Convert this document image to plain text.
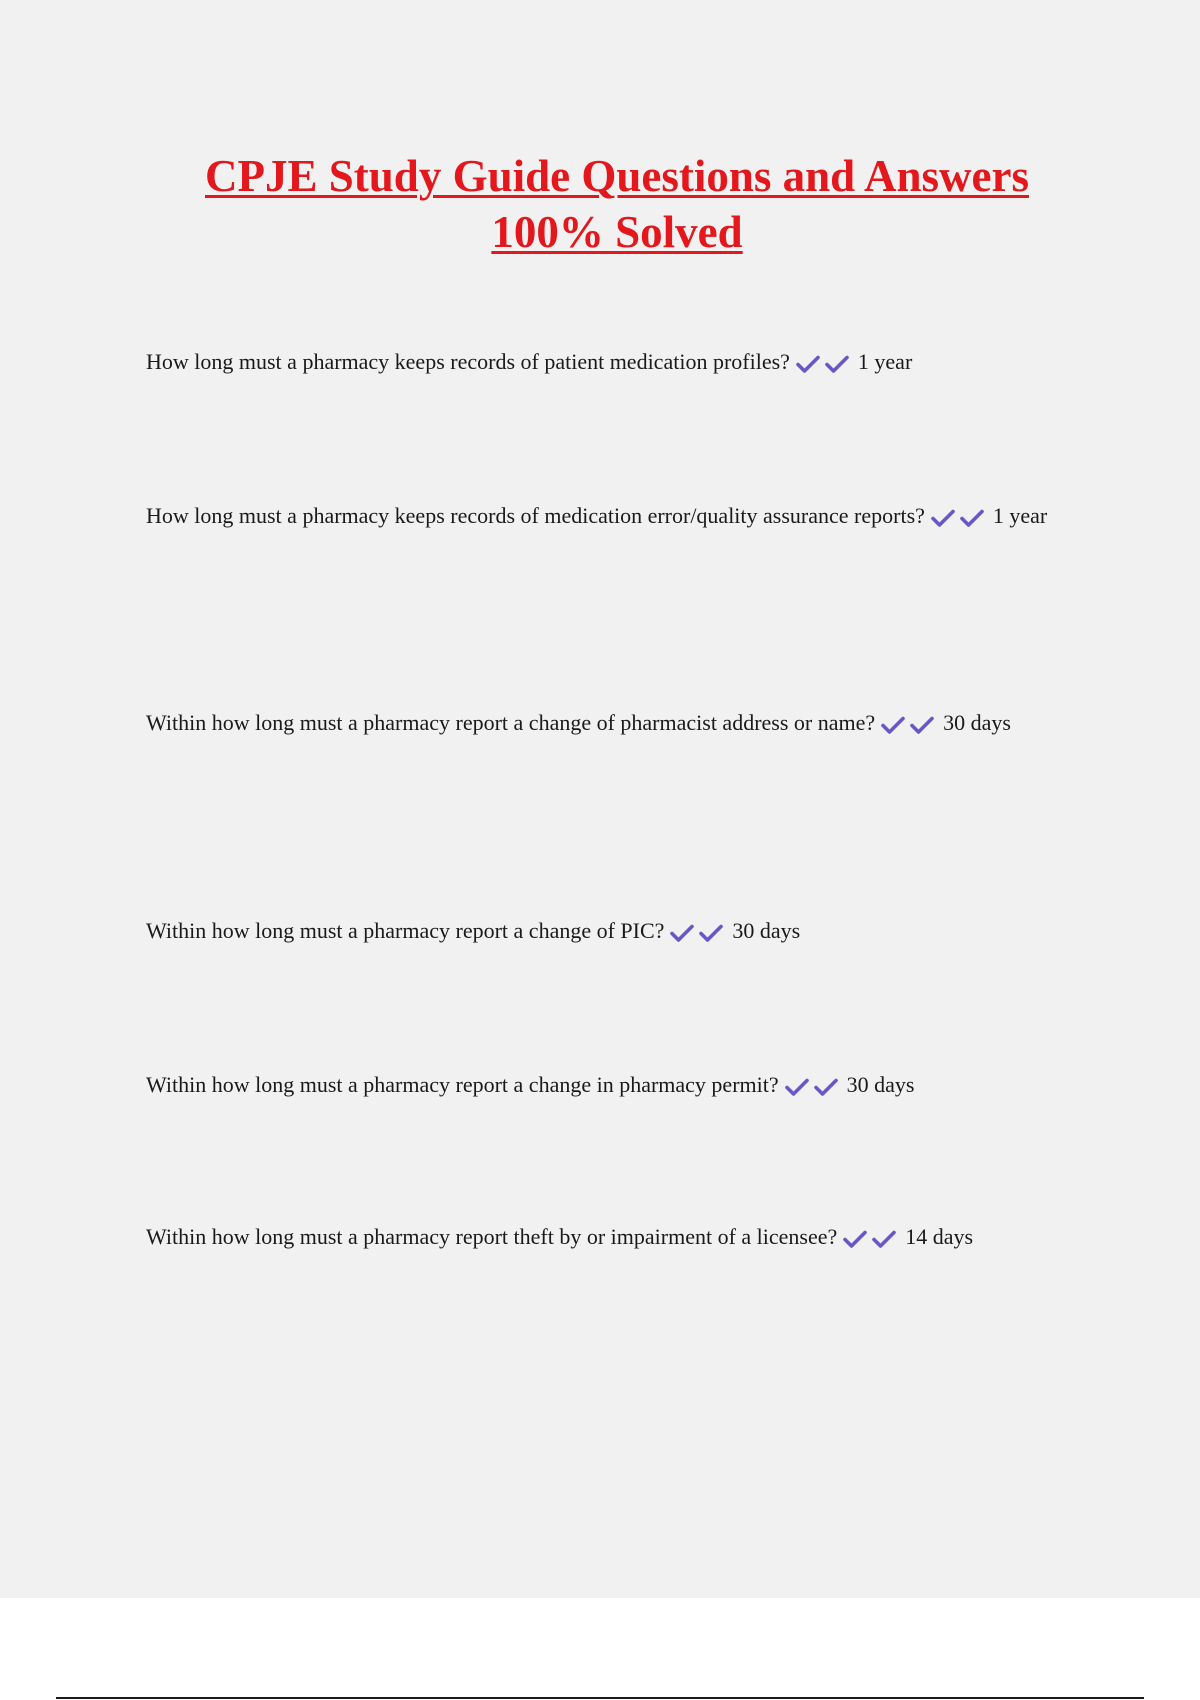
CPJE Study Guide Questions and Answers
100% Solved

How long must a pharmacy keeps records of patient medication profiles?	1 year

How long must a pharmacy keeps records of medication error/quality assurance reports?	1 year

Within how long must a pharmacy report a change of pharmacist address or name?	30 days

Within how long must a pharmacy report a change of PIC?	30 days

Within how long must a pharmacy report a change in pharmacy permit?	30 days

Within how long must a pharmacy report theft by or impairment of a licensee?	14 days
